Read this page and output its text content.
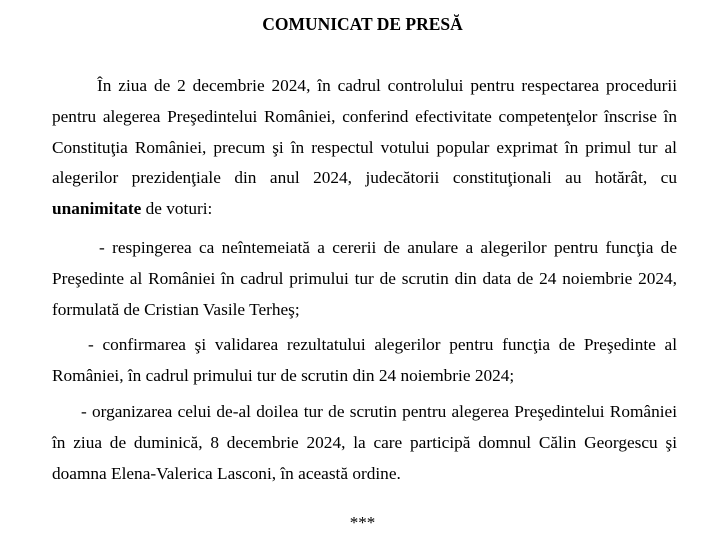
COMUNICAT DE PRESĂ
În ziua de 2 decembrie 2024, în cadrul controlului pentru respectarea procedurii pentru alegerea Preşedintelui României, conferind efectivitate competenţelor înscrise în Constituţia României, precum şi în respectul votului popular exprimat în primul tur al alegerilor prezidenţiale din anul 2024, judecătorii constituţionali au hotărât, cu unanimitate de voturi:
- respingerea ca neîntemeiată a cererii de anulare a alegerilor pentru funcţia de Preşedinte al României în cadrul primului tur de scrutin din data de 24 noiembrie 2024, formulată de Cristian Vasile Terheş;
- confirmarea şi validarea rezultatului alegerilor pentru funcţia de Preşedinte al României, în cadrul primului tur de scrutin din 24 noiembrie 2024;
- organizarea celui de-al doilea tur de scrutin pentru alegerea Preşedintelui României în ziua de duminică, 8 decembrie 2024, la care participă domnul Călin Georgescu şi doamna Elena-Valerica Lasconi, în această ordine.
***
